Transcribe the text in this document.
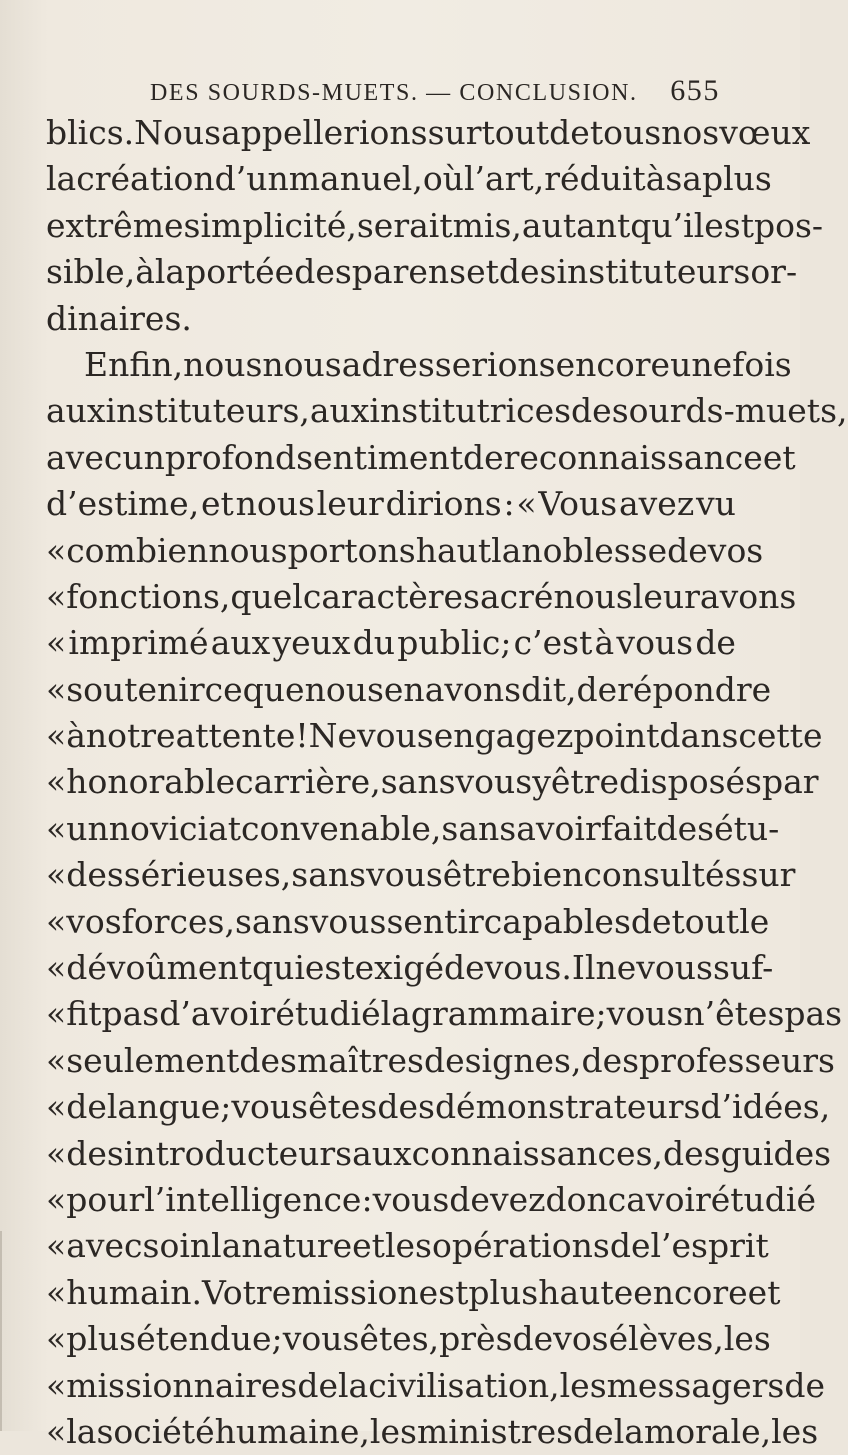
DES SOURDS-MUETS. — CONCLUSION. 655
blics. Nous appellerions surtout de tous nos vœux
la création d’un manuel, où l’art, réduit à sa plus
extrême simplicité, serait mis, autant qu’il est pos-
sible, à la portée des parens et des instituteurs or-
dinaires.
Enfin, nous nous adresserions encore une fois
aux instituteurs, aux institutrices de sourds-muets,
avec un profond sentiment de reconnaissance et
d’estime, et nous leur dirions : « Vous avez vu
« combien nous portons haut la noblesse de vos
« fonctions, quel caractère sacré nous leur avons
« imprimé aux yeux du public; c’est à vous de
« soutenir ce que nous en avons dit, de répondre
« à notre attente! Ne vous engagez point dans cette
« honorable carrière, sans vous y être disposés par
« un noviciat convenable, sans avoir fait des étu-
« des sérieuses, sans vous être bien consultés sur
« vos forces, sans vous sentir capables de tout le
« dévoûment qui est exigé de vous. Il ne vous suf-
« fit pas d’avoir étudié la grammaire; vous n’êtes pas
« seulement des maîtres de signes, des professeurs
« de langue; vous êtes des démonstrateurs d’idées,
« des introducteurs aux connaissances, des guides
« pour l’intelligence : vous devez donc avoir étudié
« avec soin la nature et les opérations de l’esprit
« humain. Votre mission est plus haute encore et
« plus étendue; vous êtes, près de vos élèves, les
« missionnaires de la civilisation, les messagers de
« la société humaine, les ministres de la morale, les
